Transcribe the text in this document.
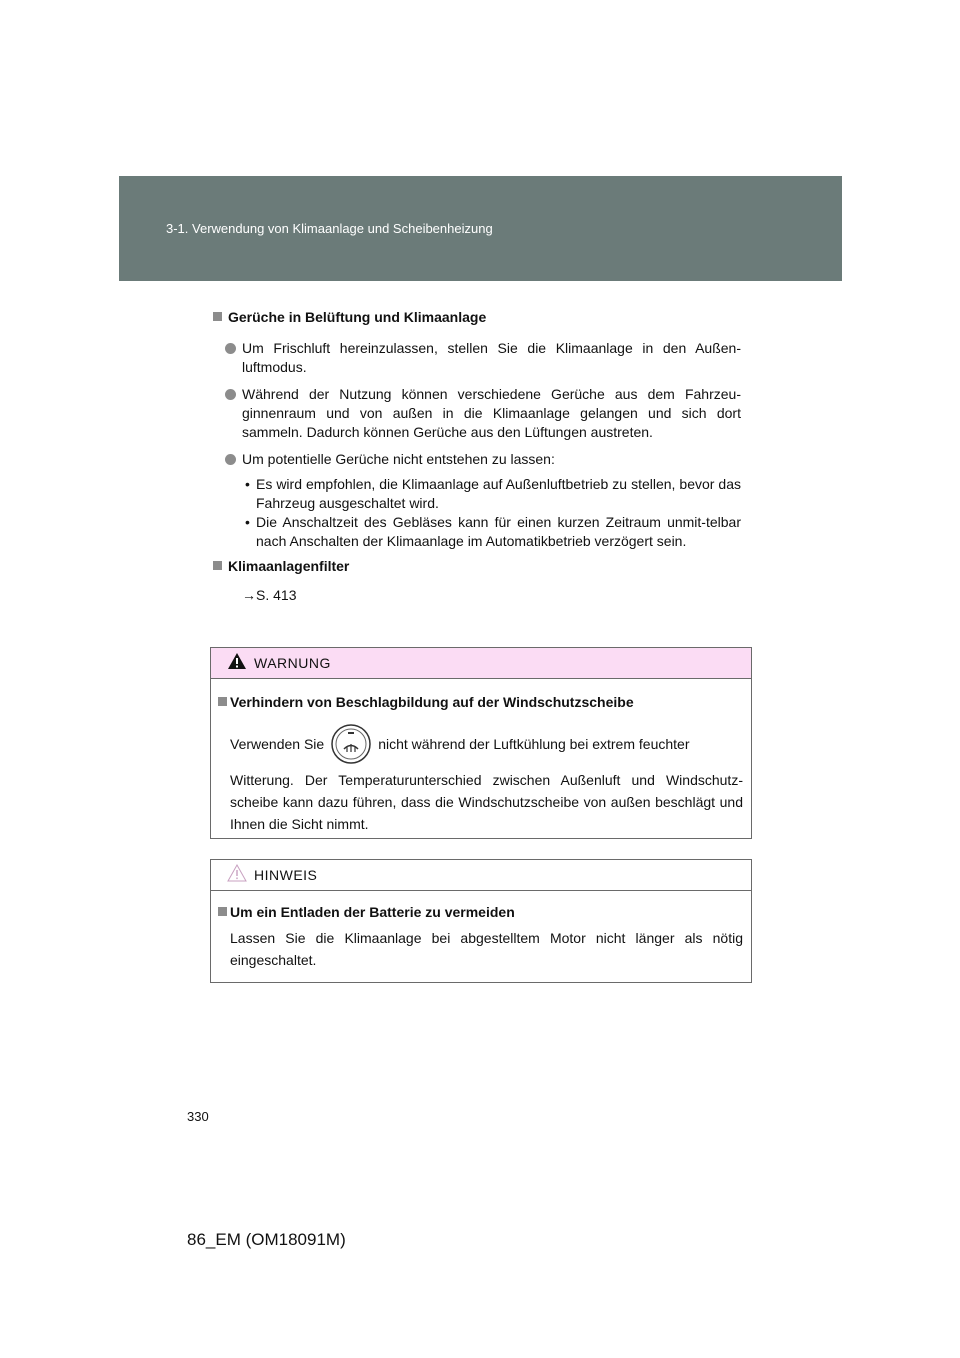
3-1. Verwendung von Klimaanlage und Scheibenheizung
Gerüche in Belüftung und Klimaanlage
Um Frischluft hereinzulassen, stellen Sie die Klimaanlage in den Außen-luftmodus.
Während der Nutzung können verschiedene Gerüche aus dem Fahrzeu-ginnenraum und von außen in die Klimaanlage gelangen und sich dort sammeln. Dadurch können Gerüche aus den Lüftungen austreten.
Um potentielle Gerüche nicht entstehen zu lassen:
• Es wird empfohlen, die Klimaanlage auf Außenluftbetrieb zu stellen, bevor das Fahrzeug ausgeschaltet wird.
• Die Anschaltzeit des Gebläses kann für einen kurzen Zeitraum unmit-telbar nach Anschalten der Klimaanlage im Automatikbetrieb verzögert sein.
Klimaanlagenfilter
→S. 413
WARNUNG
Verhindern von Beschlagbildung auf der Windschutzscheibe
Verwenden Sie	nicht während der Luftkühlung bei extrem feuchter
Witterung. Der Temperaturunterschied zwischen Außenluft und Windschutz-scheibe kann dazu führen, dass die Windschutzscheibe von außen beschlägt und Ihnen die Sicht nimmt.
HINWEIS
Um ein Entladen der Batterie zu vermeiden
Lassen Sie die Klimaanlage bei abgestelltem Motor nicht länger als nötig eingeschaltet.
330
86_EM (OM18091M)
